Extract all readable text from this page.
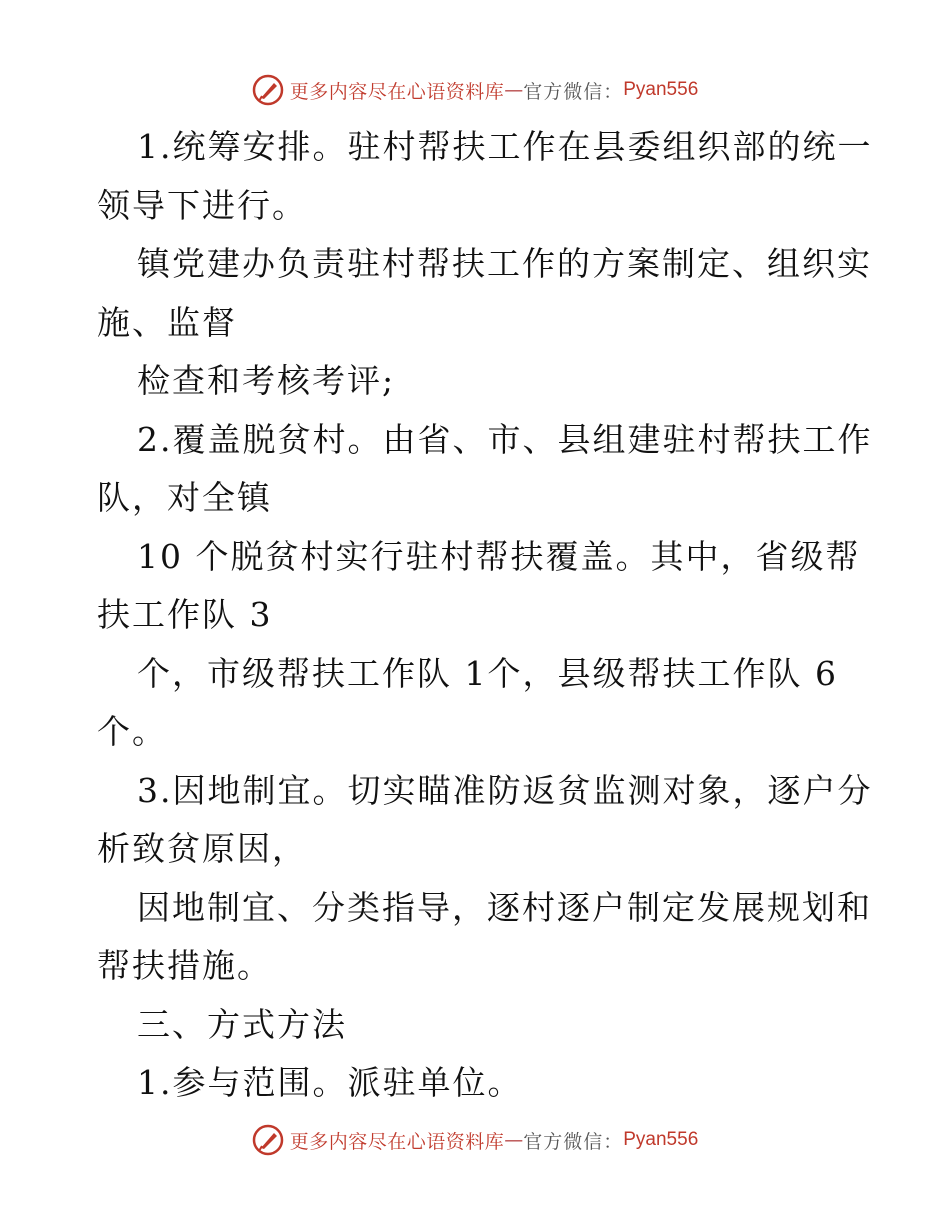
更多内容尽在心语资料库 — 官方微信： Pyan556
1.统筹安排。驻村帮扶工作在县委组织部的统一
领导下进行。
镇党建办负责驻村帮扶工作的方案制定、组织实
施、监督
检查和考核考评;
2.覆盖脱贫村。由省、市、县组建驻村帮扶工作
队，对全镇
10 个脱贫村实行驻村帮扶覆盖。其中，省级帮
扶工作队 3
个，市级帮扶工作队 1个，县级帮扶工作队 6
个。
3.因地制宜。切实瞄准防返贫监测对象，逐户分
析致贫原因，
因地制宜、分类指导，逐村逐户制定发展规划和
帮扶措施。
三、方式方法
1.参与范围。派驻单位。
更多内容尽在心语资料库 — 官方微信： Pyan556
